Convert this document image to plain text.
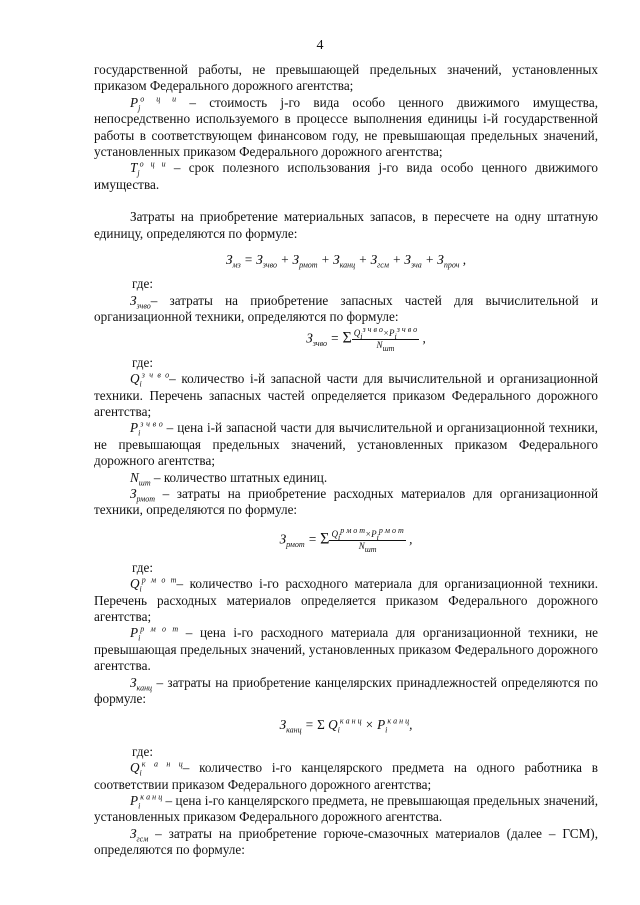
4

государственной работы, не превышающей предельных значений, установленных приказом Федерального дорожного агентства;

$P_j^{о ц и}$ – стоимость j-го вида особо ценного движимого имущества, непосредственно используемого в процессе выполнения единицы i-й государственной работы в соответствующем финансовом году, не превышающая предельных значений, установленных приказом Федерального дорожного агентства;

$T_j^{о ц и}$ – срок полезного использования j-го вида особо ценного движимого имущества.

Затраты на приобретение материальных запасов, в пересчете на одну штатную единицу, определяются по формуле:

$З_{мз} = З_{зчвo} + З_{рмот} + З_{канц} + З_{гсм} + З_{зча} + З_{проч}$ ,

где:

$З_{зчво}-$ затраты на приобретение запасных частей для вычислительной и организационной техники, определяются по формуле:

$З_{зчво} = \Sigma \frac{Q_i^{з ч в о}\times P_i^{з ч в о}}{N_{шт}}$ ,

где:

$Q_i^{з ч в о}-$ количество i-й запасной части для вычислительной и организационной техники. Перечень запасных частей определяется приказом Федерального дорожного агентства;

$P_i^{з ч в о}$ – цена i-й запасной части для вычислительной и организационной техники, не превышающая предельных значений, установленных приказом Федерального дорожного агентства;

$N_{шт}$ – количество штатных единиц.

$З_{рмот}$ – затраты на приобретение расходных материалов для организационной техники, определяются по формуле:

$З_{рмот} = \Sigma \frac{Q_i^{р м о т}\times P_i^{р м о т}}{N_{шт}}$ ,

где:

$Q_i^{р м о т}-$ количество i-го расходного материала для организационной техники. Перечень расходных материалов определяется приказом Федерального дорожного агентства;

$P_i^{р м о т}$ – цена i-го расходного материала для организационной техники, не превышающая предельных значений, установленных приказом Федерального дорожного агентства.

$З_{канц}$ – затраты на приобретение канцелярских принадлежностей определяются по формуле:

$З_{канц} = \Sigma$ $Q_i^{к а н ц} \times P_i^{к а н ц}$,

где:

$Q_i^{к а н ц}-$ количество i-го канцелярского предмета на одного работника в соответствии приказом Федерального дорожного агентства;

$P_i^{к а н ц}$ – цена i-го канцелярского предмета, не превышающая предельных значений, установленных приказом Федерального дорожного агентства.

$З_{гсм}$ – затраты на приобретение горюче-смазочных материалов (далее – ГСМ), определяются по формуле:
